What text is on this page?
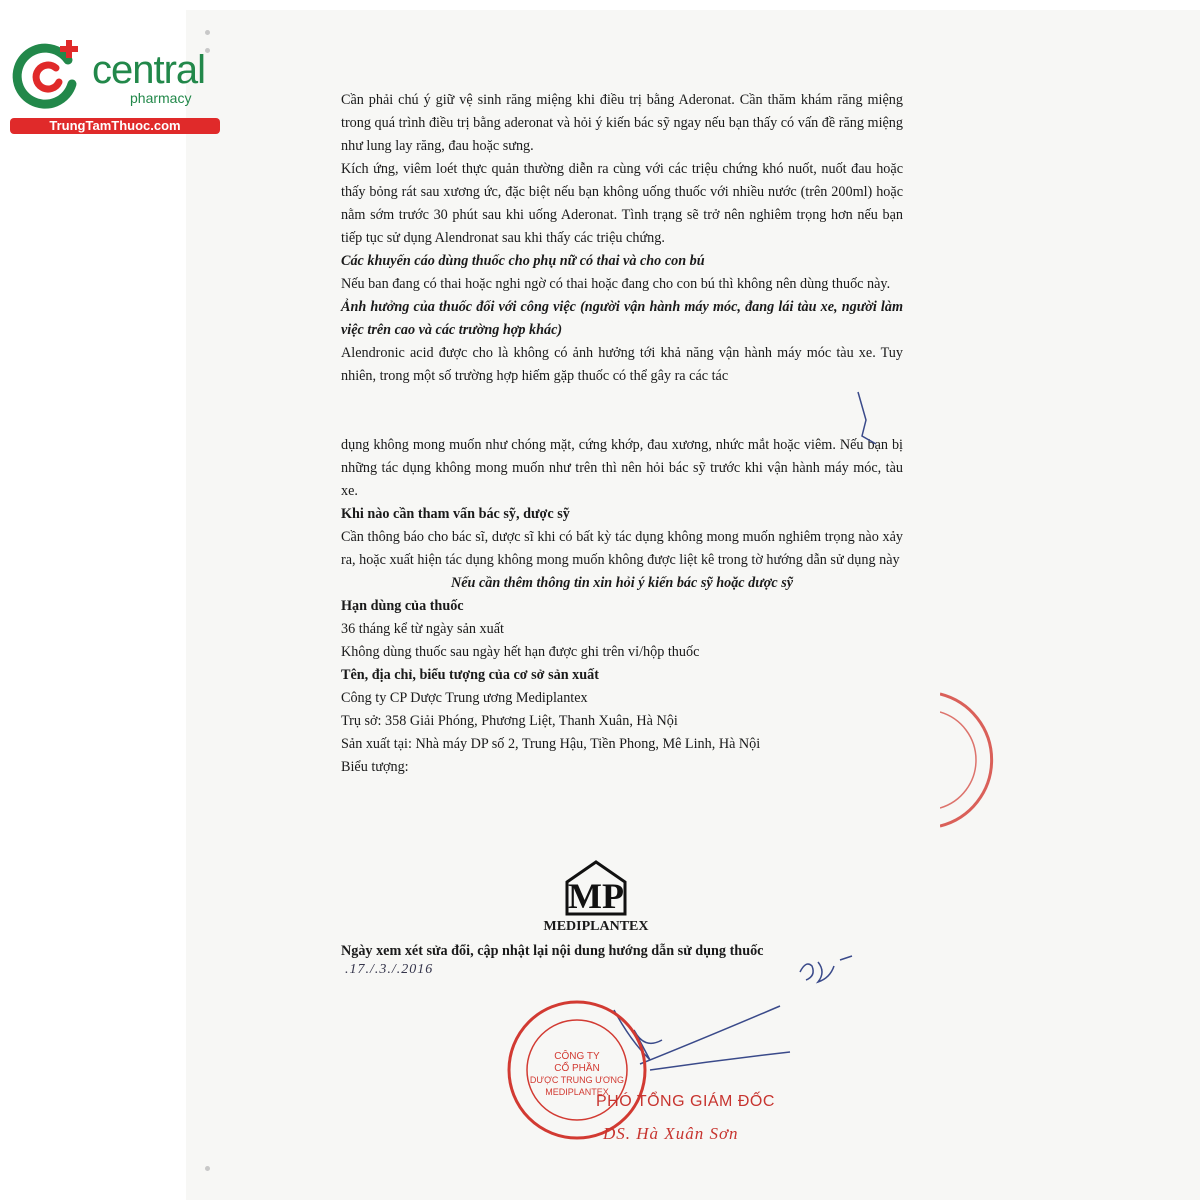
central
pharmacy
TrungTamThuoc.com

Cần phải chú ý giữ vệ sinh răng miệng khi điều trị bằng Aderonat. Cần thăm khám răng miệng trong quá trình điều trị bằng aderonat và hỏi ý kiến bác sỹ ngay nếu bạn thấy có vấn đề răng miệng như lung lay răng, đau hoặc sưng.

Kích ứng, viêm loét thực quản thường diễn ra cùng với các triệu chứng khó nuốt, nuốt đau hoặc thấy bỏng rát sau xương ức, đặc biệt nếu bạn không uống thuốc với nhiều nước (trên 200ml) hoặc nằm sớm trước 30 phút sau khi uống Aderonat. Tình trạng sẽ trở nên nghiêm trọng hơn nếu bạn tiếp tục sử dụng Alendronat sau khi thấy các triệu chứng.

Các khuyến cáo dùng thuốc cho phụ nữ có thai và cho con bú

Nếu ban đang có thai hoặc nghi ngờ có thai hoặc đang cho con bú thì không nên dùng thuốc này.

Ảnh hưởng của thuốc đối với công việc (người vận hành máy móc, đang lái tàu xe, người làm việc trên cao và các trường hợp khác)

Alendronic acid được cho là không có ảnh hưởng tới khả năng vận hành máy móc tàu xe. Tuy nhiên, trong một số trường hợp hiếm gặp thuốc có thể gây ra các tác

dụng không mong muốn như chóng mặt, cứng khớp, đau xương, nhức mắt hoặc viêm. Nếu bạn bị những tác dụng không mong muốn như trên thì nên hỏi bác sỹ trước khi vận hành máy móc, tàu xe.

Khi nào cần tham vấn bác sỹ, dược sỹ

Cần thông báo cho bác sĩ, dược sĩ khi có bất kỳ tác dụng không mong muốn nghiêm trọng nào xảy ra, hoặc xuất hiện tác dụng không mong muốn không được liệt kê trong tờ hướng dẫn sử dụng này

Nếu cần thêm thông tin xin hỏi ý kiến bác sỹ hoặc dược sỹ

Hạn dùng của thuốc

36 tháng kể từ ngày sản xuất

Không dùng thuốc sau ngày hết hạn được ghi trên vỉ/hộp thuốc

Tên, địa chỉ, biểu tượng của cơ sở sản xuất

Công ty CP Dược Trung ương Mediplantex

Trụ sở: 358 Giải Phóng, Phương Liệt, Thanh Xuân, Hà Nội

Sản xuất tại: Nhà máy DP số 2, Trung Hậu, Tiền Phong, Mê Linh, Hà Nội

Biểu tượng:

MP
MEDIPLANTEX
Ngày xem xét sửa đổi, cập nhật lại nội dung hướng dẫn sử dụng thuốc
.17./.3./.2016
CÔNG TY
CỔ PHẦN
DƯỢC TRUNG ƯƠNG
MEDIPLANTEX
PHÓ TỔNG GIÁM ĐỐC
DS. Hà Xuân Sơn
